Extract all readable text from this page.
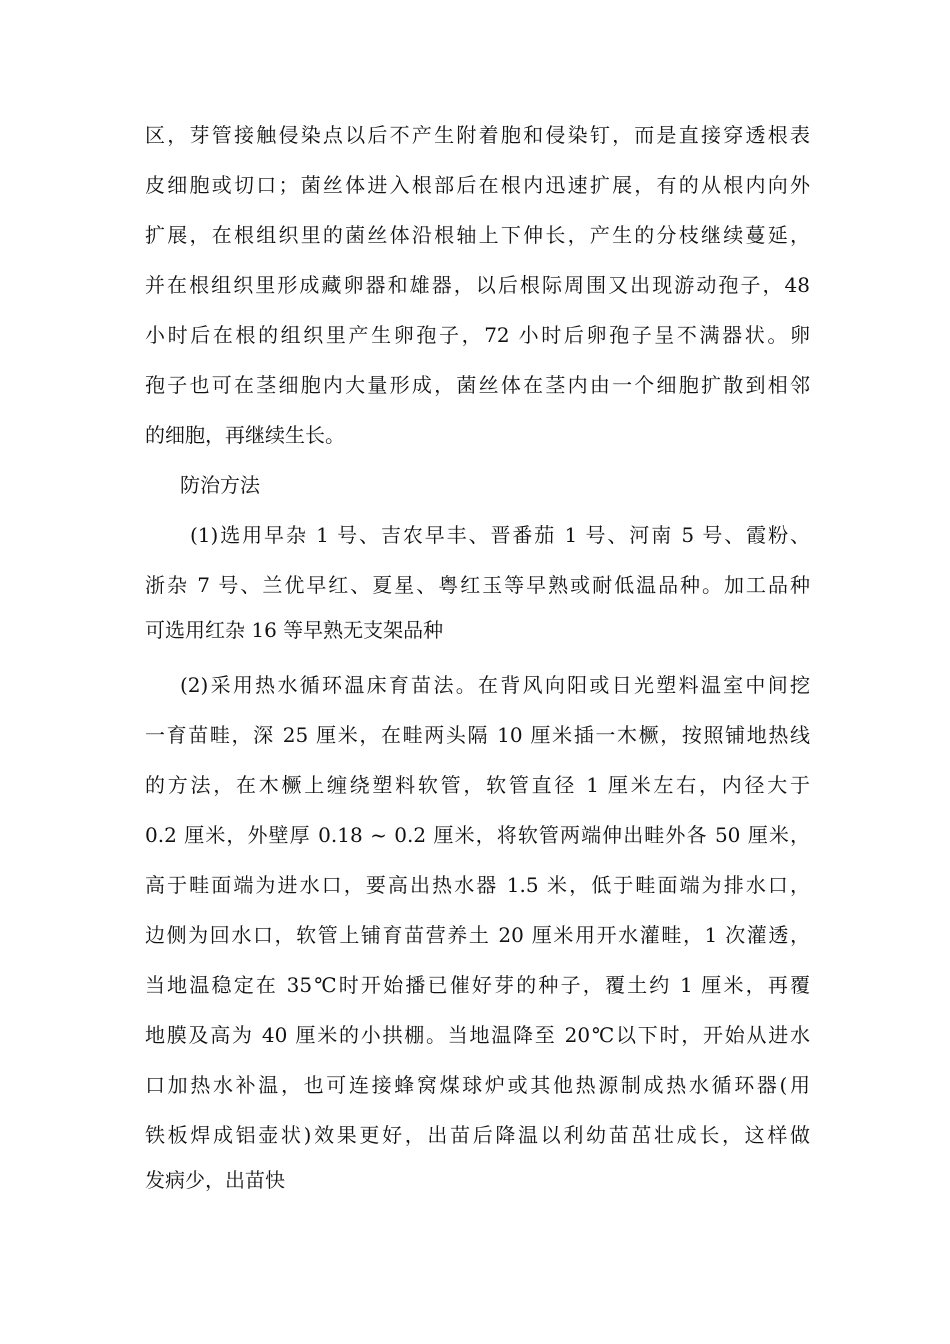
区，芽管接触侵染点以后不产生附着胞和侵染钉，而是直接穿透根表
皮细胞或切口；菌丝体进入根部后在根内迅速扩展，有的从根内向外
扩展，在根组织里的菌丝体沿根轴上下伸长，产生的分枝继续蔓延，
并在根组织里形成藏卵器和雄器，以后根际周围又出现游动孢子，48
小时后在根的组织里产生卵孢子，72 小时后卵孢子呈不满器状。卵
孢子也可在茎细胞内大量形成，菌丝体在茎内由一个细胞扩散到相邻
的细胞，再继续生长。
防治方法
(1)选用早杂 1 号、吉农早丰、晋番茄 1 号、河南 5 号、霞粉、
浙杂 7 号、兰优早红、夏星、粤红玉等早熟或耐低温品种。加工品种
可选用红杂 16 等早熟无支架品种
(2)采用热水循环温床育苗法。在背风向阳或日光塑料温室中间挖
一育苗畦，深 25 厘米，在畦两头隔 10 厘米插一木橛，按照铺地热线
的方法，在木橛上缠绕塑料软管，软管直径 1 厘米左右，内径大于
0.2 厘米，外壁厚 0.18 ~ 0.2 厘米，将软管两端伸出畦外各 50 厘米，
高于畦面端为进水口，要高出热水器 1.5 米，低于畦面端为排水口，
边侧为回水口，软管上铺育苗营养土 20 厘米用开水灌畦，1 次灌透，
当地温稳定在 35℃时开始播已催好芽的种子，覆土约 1 厘米，再覆
地膜及高为 40 厘米的小拱棚。当地温降至 20℃以下时，开始从进水
口加热水补温，也可连接蜂窝煤球炉或其他热源制成热水循环器(用
铁板焊成铝壶状)效果更好，出苗后降温以利幼苗茁壮成长，这样做
发病少，出苗快
